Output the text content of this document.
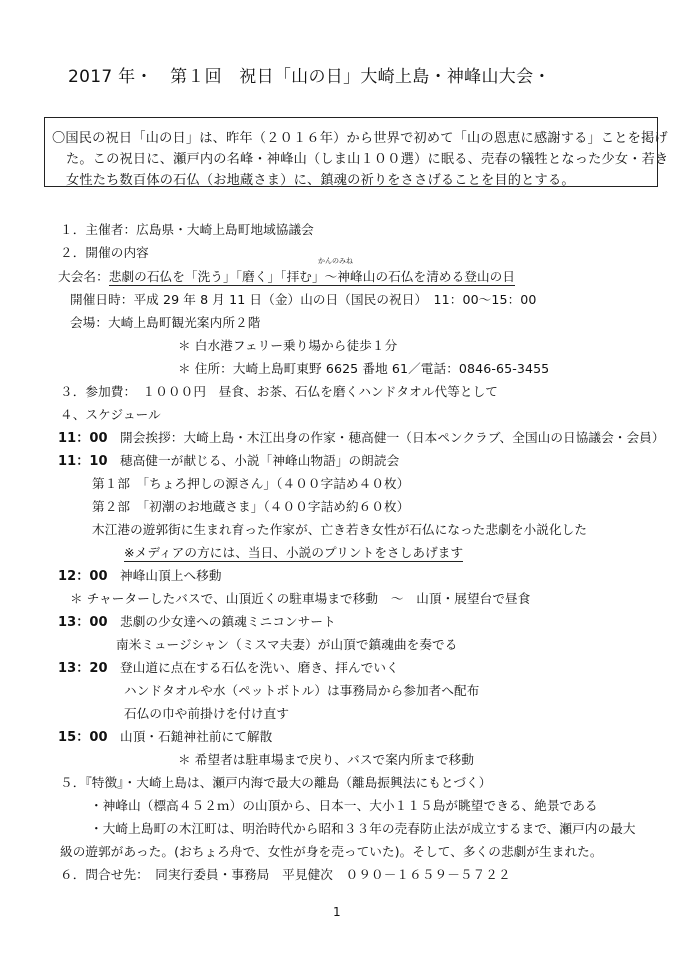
2017 年・　第１回　祝日「山の日」大崎上島・神峰山大会・
〇国民の祝日「山の日」は、昨年（２０１６年）から世界で初めて「山の恩恵に感謝する」ことを掲げ
た。この祝日に、瀬戸内の名峰・神峰山（しま山１００選）に眠る、売春の犠牲となった少女・若き
女性たち数百体の石仏（お地蔵さま）に、鎮魂の祈りをささげることを目的とする。
１．主催者：広島県・大崎上島町地域協議会
２．開催の内容
かんのみね
大会名：悲劇の石仏を「洗う」「磨く」「拝む」～神峰山の石仏を清める登山の日
開催日時：平成 29 年 8 月 11 日（金）山の日（国民の祝日）　11：00～15：00
会場：大崎上島町観光案内所２階
＊ 白水港フェリー乗り場から徒歩１分
＊ 住所：大崎上島町東野 6625 番地 61／電話：0846-65-3455
３．参加費：　１０００円　昼食、お茶、石仏を磨くハンドタオル代等として
４、スケジュール
11：00 開会挨拶：大崎上島・木江出身の作家・穂高健一（日本ペンクラブ、全国山の日協議会・会員）
11：10 穂高健一が献じる、小説「神峰山物語」の朗読会
第１部　「ちょろ押しの源さん」（４００字詰め４０枚）
第２部　「初潮のお地蔵さま」（４００字詰め約６０枚）
木江港の遊郭街に生まれ育った作家が、亡き若き女性が石仏になった悲劇を小説化した
※メディアの方には、当日、小説のプリントをさしあげます
12：00 神峰山頂上へ移動
＊ チャーターしたバスで、山頂近くの駐車場まで移動　～　山頂・展望台で昼食
13：00 悲劇の少女達への鎮魂ミニコンサート
南米ミュージシャン（ミスマ夫妻）が山頂で鎮魂曲を奏でる
13：20 登山道に点在する石仏を洗い、磨き、拝んでいく
ハンドタオルや水（ペットボトル）は事務局から参加者へ配布
石仏の巾や前掛けを付け直す
15：00 山頂・石鎚神社前にて解散
＊ 希望者は駐車場まで戻り、バスで案内所まで移動
５．『特徴』・大崎上島は、瀬戸内海で最大の離島（離島振興法にもとづく）
・神峰山（標高４５２ｍ）の山頂から、日本一、大小１１５島が眺望できる、絶景である
・大崎上島町の木江町は、明治時代から昭和３３年の売春防止法が成立するまで、瀬戸内の最大
級の遊郭があった。(おちょろ舟で、女性が身を売っていた)。そして、多くの悲劇が生まれた。
６．問合せ先：　同実行委員・事務局　平見健次　０９０－１６５９－５７２２
1
